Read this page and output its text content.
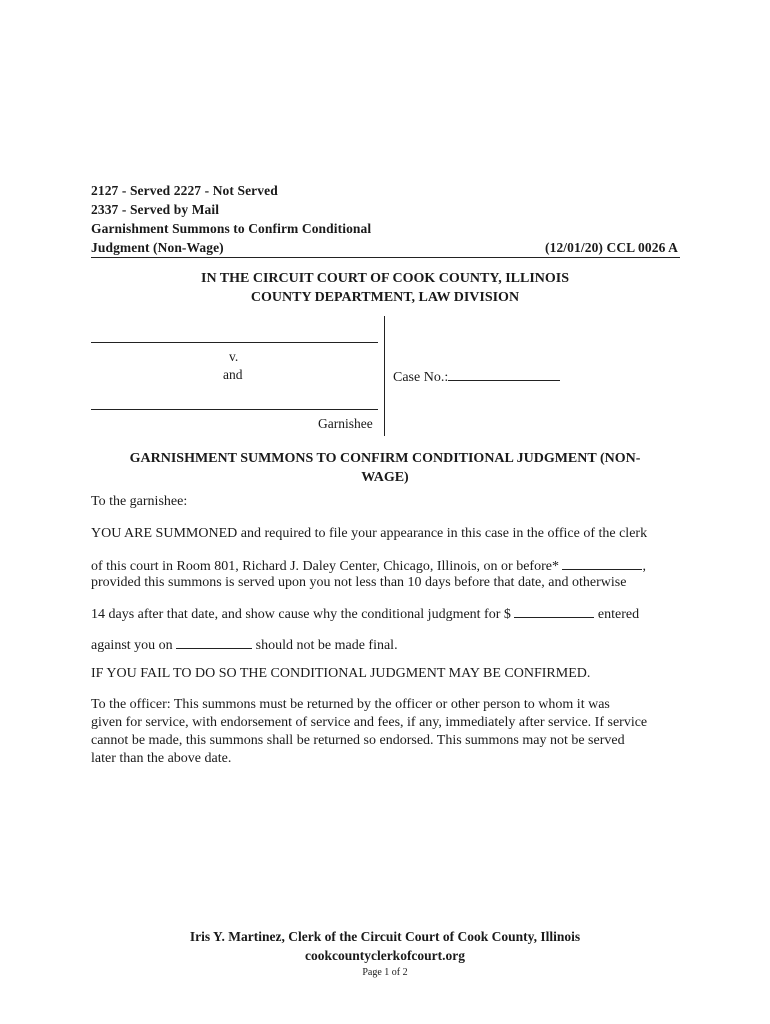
2127 - Served 2227 - Not Served
2337 - Served by Mail
Garnishment Summons to Confirm Conditional
Judgment (Non-Wage)	(12/01/20) CCL 0026 A
IN THE CIRCUIT COURT OF COOK COUNTY, ILLINOIS
COUNTY DEPARTMENT, LAW DIVISION
v.
and
Garnishee
Case No.:
GARNISHMENT SUMMONS TO CONFIRM CONDITIONAL JUDGMENT (NON-
WAGE)
To the garnishee:
YOU ARE SUMMONED and required to file your appearance in this case in the office of the clerk
of this court in Room 801, Richard J. Daley Center, Chicago, Illinois, on or before*	,
provided this summons is served upon you not less than 10 days before that date, and otherwise
14 days after that date, and show cause why the conditional judgment for $	entered
against you on	should not be made final.
IF YOU FAIL TO DO SO THE CONDITIONAL JUDGMENT MAY BE CONFIRMED.
To the officer: This summons must be returned by the officer or other person to whom it was
given for service, with endorsement of service and fees, if any, immediately after service. If service
cannot be made, this summons shall be returned so endorsed. This summons may not be served
later than the above date.
Iris Y. Martinez, Clerk of the Circuit Court of Cook County, Illinois
cookcountyclerkofcourt.org
Page 1 of 2
